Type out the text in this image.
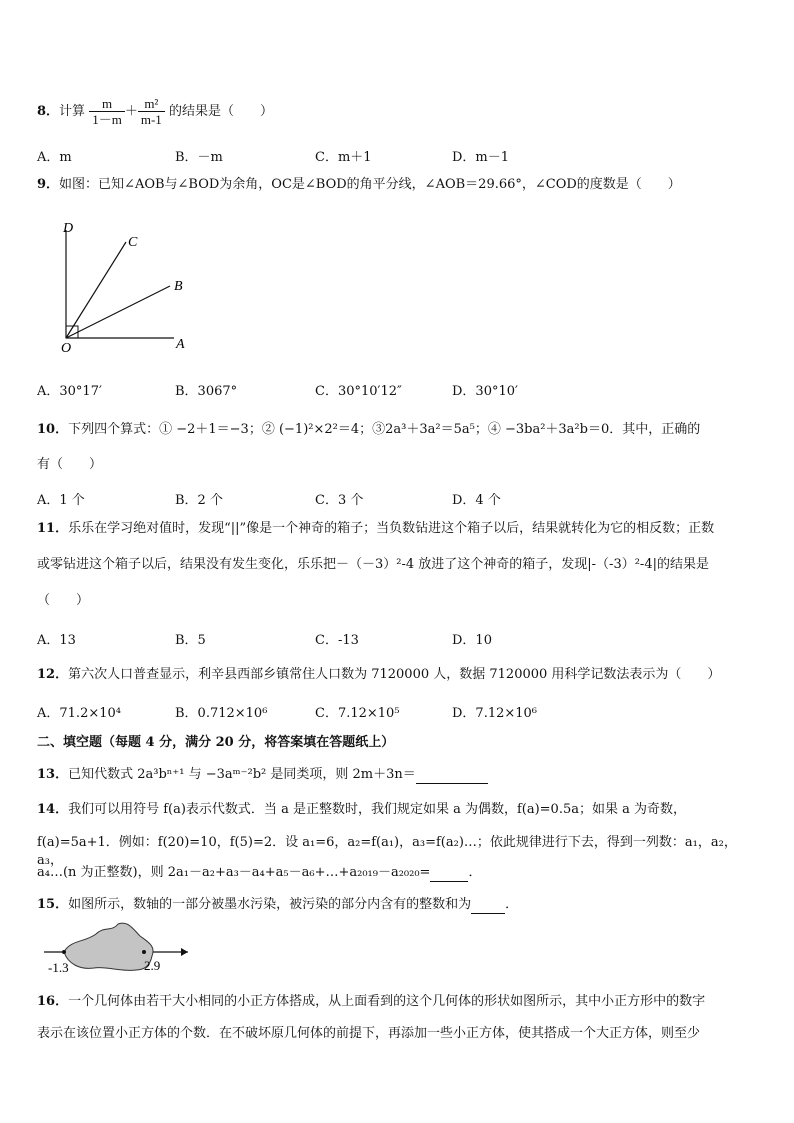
8．计算 $\frac{m}{1-m} + \frac{\text{m²}}{m-1}$ 的结果是（　　）
A．m	B．－m	C．m＋1	D．m－1
9．如图：已知∠AOB与∠BOD为余角，OC是∠BOD的角平分线，∠AOB＝29.66°，∠COD的度数是（　　）
D
C
B
O	A
A．30°17′	B．3067°	C．30°10′12″	D．30°10′
10．下列四个算式：① −2＋1＝−3；② (−1)²×2²＝4；③2a³＋3a²＝5a⁵；④ −3ba²＋3a²b＝0．其中，正确的
有（　　）
A．1 个	B．2 个	C．3 个	D．4 个
11．乐乐在学习绝对值时，发现“||”像是一个神奇的箱子；当负数钻进这个箱子以后，结果就转化为它的相反数；正数
或零钻进这个箱子以后，结果没有发生变化，乐乐把－（－3）²-4 放进了这个神奇的箱子，发现|-（-3）²-4|的结果是
（　　）
A．13	B．5	C．-13	D．10
12．第六次人口普查显示，利辛县西部乡镇常住人口数为 7120000 人，数据 7120000 用科学记数法表示为（　　）
A．71.2×10⁴	B．0.712×10⁶	C．7.12×10⁵	D．7.12×10⁶
二、填空题（每题 4 分，满分 20 分，将答案填在答题纸上）
13．已知代数式 2a³bⁿ⁺¹ 与 −3aᵐ⁻²b² 是同类项，则 2m＋3n＝
14．我们可以用符号 f(a)表示代数式．当 a 是正整数时，我们规定如果 a 为偶数，f(a)=0.5a；如果 a 为奇数，
f(a)=5a+1．例如：f(20)=10，f(5)=2．设 a₁=6，a₂=f(a₁)，a₃=f(a₂)…；依此规律进行下去，得到一列数：a₁，a₂，a₃，
a₄…(n 为正整数)，则 2a₁－a₂+a₃－a₄+a₅－a₆+…+a₂₀₁₉－a₂₀₂₀=	．
15．如图所示，数轴的一部分被墨水污染，被污染的部分内含有的整数和为	．
-1.3	2.9
16．一个几何体由若干大小相同的小正方体搭成，从上面看到的这个几何体的形状如图所示，其中小正方形中的数字
表示在该位置小正方体的个数．在不破坏原几何体的前提下，再添加一些小正方体，使其搭成一个大正方体，则至少
